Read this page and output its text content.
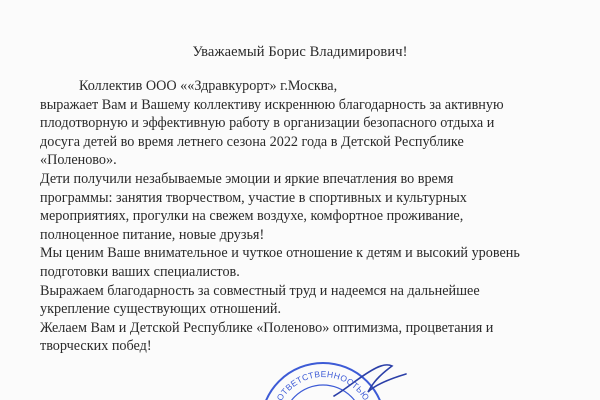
Уважаемый Борис Владимирович!
Коллектив ООО ««Здравкурорт» г.Москва,
выражает Вам и Вашему коллективу искреннюю благодарность за активную
плодотворную и эффективную работу в организации безопасного отдыха и
досуга детей во время летнего сезона 2022 года в Детской Республике
«Поленово».
Дети получили незабываемые эмоции и яркие впечатления во время
программы: занятия творчеством, участие в спортивных и культурных
мероприятиях, прогулки на свежем воздухе, комфортное проживание,
полноценное питание, новые друзья!
Мы ценим Ваше внимательное и чуткое отношение к детям и высокий уровень
подготовки ваших специалистов.
Выражаем благодарность за совместный труд и надеемся на дальнейшее
укрепление существующих отношений.
Желаем Вам и Детской Республике «Поленово» оптимизма, процветания и
творческих побед!
ОТВЕТСТВЕННОСТЬЮ
